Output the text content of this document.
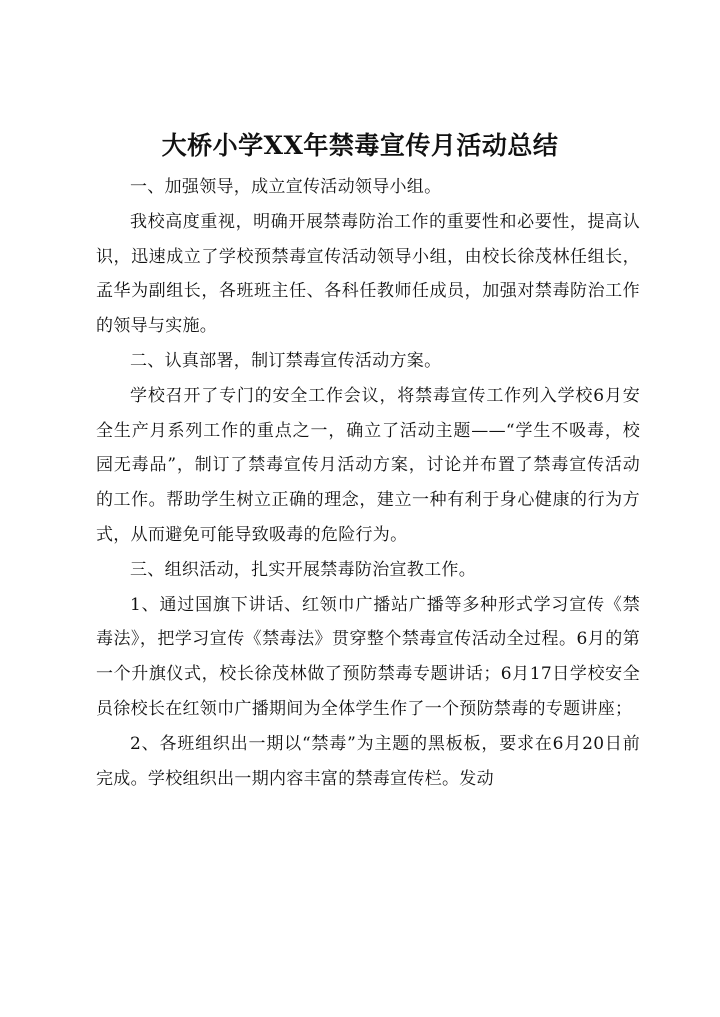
大桥小学XX年禁毒宣传月活动总结

一、加强领导，成立宣传活动领导小组。

我校高度重视，明确开展禁毒防治工作的重要性和必要性，提高认识，迅速成立了学校预禁毒宣传活动领导小组，由校长徐茂林任组长，孟华为副组长，各班班主任、各科任教师任成员，加强对禁毒防治工作的领导与实施。

二、认真部署，制订禁毒宣传活动方案。

学校召开了专门的安全工作会议，将禁毒宣传工作列入学校6月安全生产月系列工作的重点之一，确立了活动主题——“学生不吸毒，校园无毒品”，制订了禁毒宣传月活动方案，讨论并布置了禁毒宣传活动的工作。帮助学生树立正确的理念，建立一种有利于身心健康的行为方式，从而避免可能导致吸毒的危险行为。

三、组织活动，扎实开展禁毒防治宣教工作。

1、通过国旗下讲话、红领巾广播站广播等多种形式学习宣传《禁毒法》，把学习宣传《禁毒法》贯穿整个禁毒宣传活动全过程。6月的第一个升旗仪式，校长徐茂林做了预防禁毒专题讲话；6月17日学校安全员徐校长在红领巾广播期间为全体学生作了一个预防禁毒的专题讲座；

2、各班组织出一期以“禁毒”为主题的黑板板，要求在6月20日前完成。学校组织出一期内容丰富的禁毒宣传栏。发动
